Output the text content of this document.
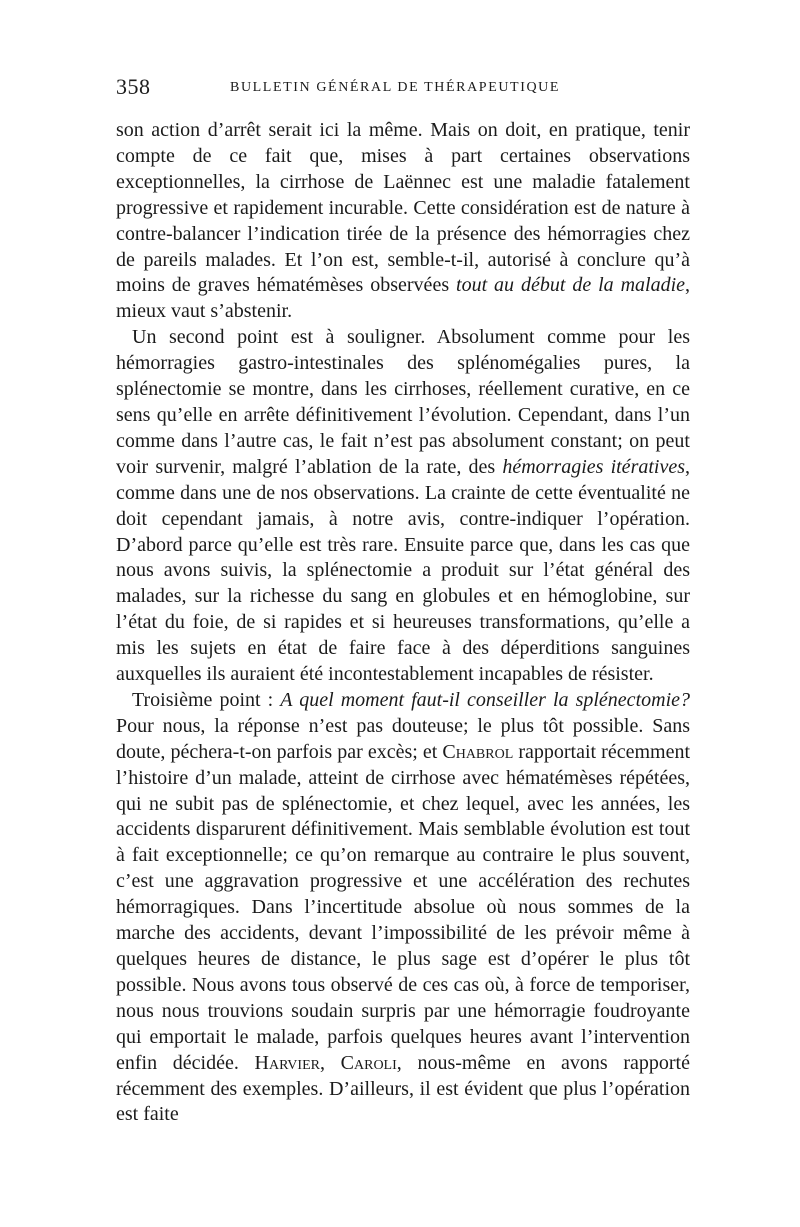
358	BULLETIN GÉNÉRAL DE THÉRAPEUTIQUE

son action d’arrêt serait ici la même. Mais on doit, en pratique, tenir compte de ce fait que, mises à part certaines observations exceptionnelles, la cirrhose de Laënnec est une maladie fatalement progressive et rapidement incurable. Cette considération est de nature à contre-balancer l’indication tirée de la présence des hémorragies chez de pareils malades. Et l’on est, semble-t-il, autorisé à conclure qu’à moins de graves hématémèses observées tout au début de la maladie, mieux vaut s’abstenir.

Un second point est à souligner. Absolument comme pour les hémorragies gastro-intestinales des splénomégalies pures, la splénectomie se montre, dans les cirrhoses, réellement curative, en ce sens qu’elle en arrête définitivement l’évolution. Cependant, dans l’un comme dans l’autre cas, le fait n’est pas absolument constant; on peut voir survenir, malgré l’ablation de la rate, des hémorragies itératives, comme dans une de nos observations. La crainte de cette éventualité ne doit cependant jamais, à notre avis, contre-indiquer l’opération. D’abord parce qu’elle est très rare. Ensuite parce que, dans les cas que nous avons suivis, la splénectomie a produit sur l’état général des malades, sur la richesse du sang en globules et en hémoglobine, sur l’état du foie, de si rapides et si heureuses transformations, qu’elle a mis les sujets en état de faire face à des déperditions sanguines auxquelles ils auraient été incontestablement incapables de résister.

Troisième point : A quel moment faut-il conseiller la splénectomie? Pour nous, la réponse n’est pas douteuse; le plus tôt possible. Sans doute, péchera-t-on parfois par excès; et Chabrol rapportait récemment l’histoire d’un malade, atteint de cirrhose avec hématémèses répétées, qui ne subit pas de splénectomie, et chez lequel, avec les années, les accidents disparurent définitivement. Mais semblable évolution est tout à fait exceptionnelle; ce qu’on remarque au contraire le plus souvent, c’est une aggravation progressive et une accélération des rechutes hémorragiques. Dans l’incertitude absolue où nous sommes de la marche des accidents, devant l’impossibilité de les prévoir même à quelques heures de distance, le plus sage est d’opérer le plus tôt possible. Nous avons tous observé de ces cas où, à force de temporiser, nous nous trouvions soudain surpris par une hémorragie foudroyante qui emportait le malade, parfois quelques heures avant l’intervention enfin décidée. Harvier, Caroli, nous-même en avons rapporté récemment des exemples. D’ailleurs, il est évident que plus l’opération est faite
